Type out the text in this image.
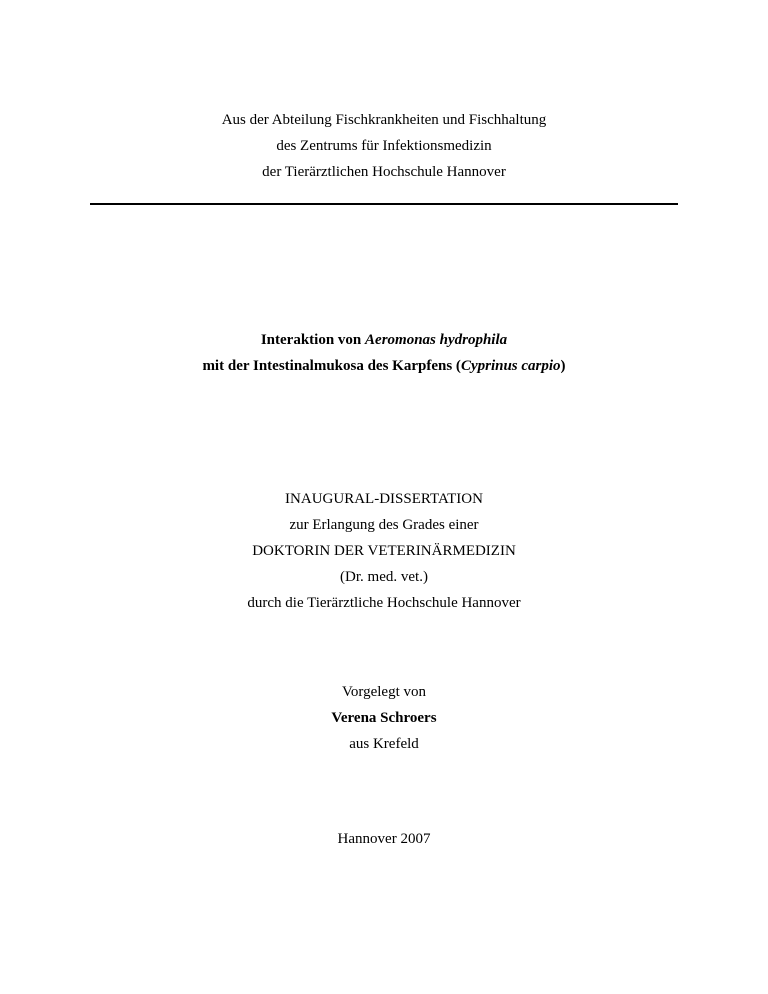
Aus der Abteilung Fischkrankheiten und Fischhaltung
des Zentrums für Infektionsmedizin
der Tierärztlichen Hochschule Hannover
Interaktion von Aeromonas hydrophila
mit der Intestinalmukosa des Karpfens (Cyprinus carpio)
INAUGURAL-DISSERTATION
zur Erlangung des Grades einer
DOKTORIN DER VETERINÄRMEDIZIN
(Dr. med. vet.)
durch die Tierärztliche Hochschule Hannover
Vorgelegt von
Verena Schroers
aus Krefeld
Hannover 2007
